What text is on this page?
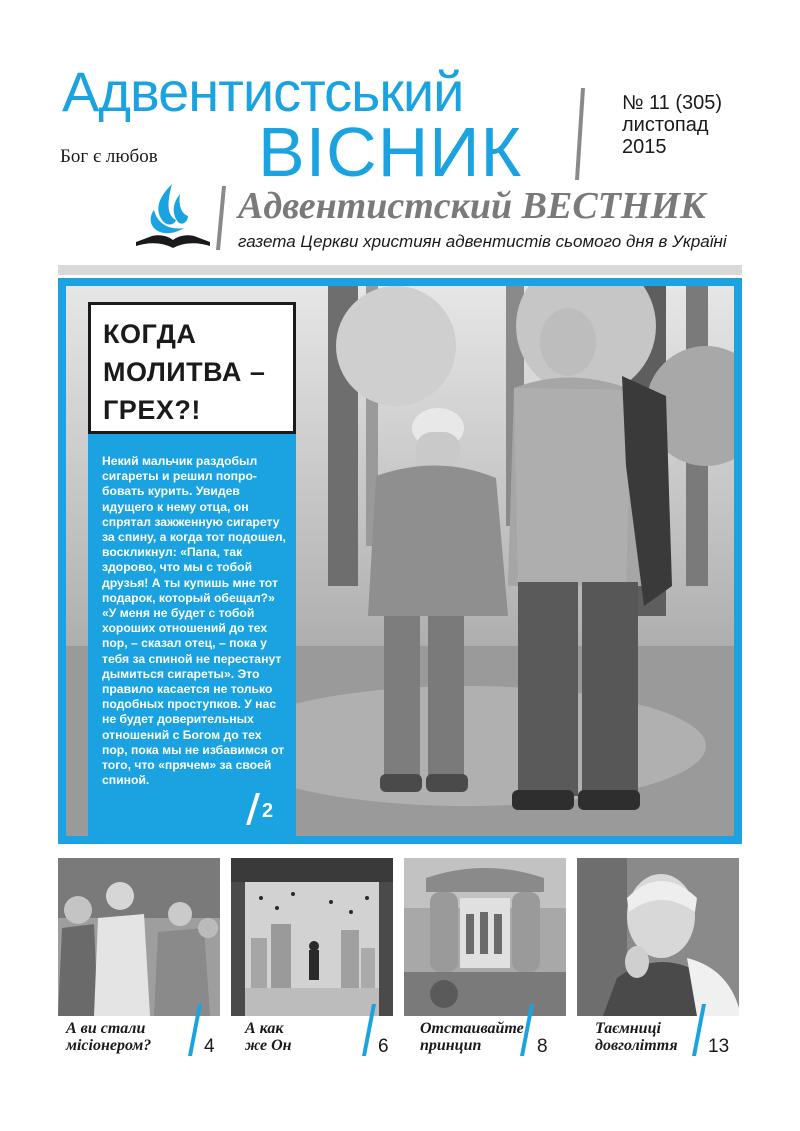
Адвентистський
ВІСНИК
Бог є любов
№ 11 (305)
листопад
2015
Адвентистский ВЕСТНИК
газета Церкви християн адвентистів сьомого дня в Україні
КОГДА МОЛИТВА – ГРЕХ?!

Некий мальчик раздобыл сигареты и решил попробовать курить. Увидев идущего к нему отца, он спрятал зажженную сигарету за спину, а когда тот подошел, воскликнул: «Папа, так здорово, что мы с тобой друзья! А ты купишь мне тот подарок, который обещал?» «У меня не будет с тобой хороших отношений до тех пор, – сказал отец, – пока у тебя за спиной не перестанут дымиться сигареты». Это правило касается не только подобных проступков. У нас не будет доверительных отношений с Богом до тех пор, пока мы не избавимся от того, что «прячем» за своей спиной.

2
А ви стали
місіонером?	4
А как
же Он	6
Отстаивайте
принцип	8
Таємниці
довголіття 13
